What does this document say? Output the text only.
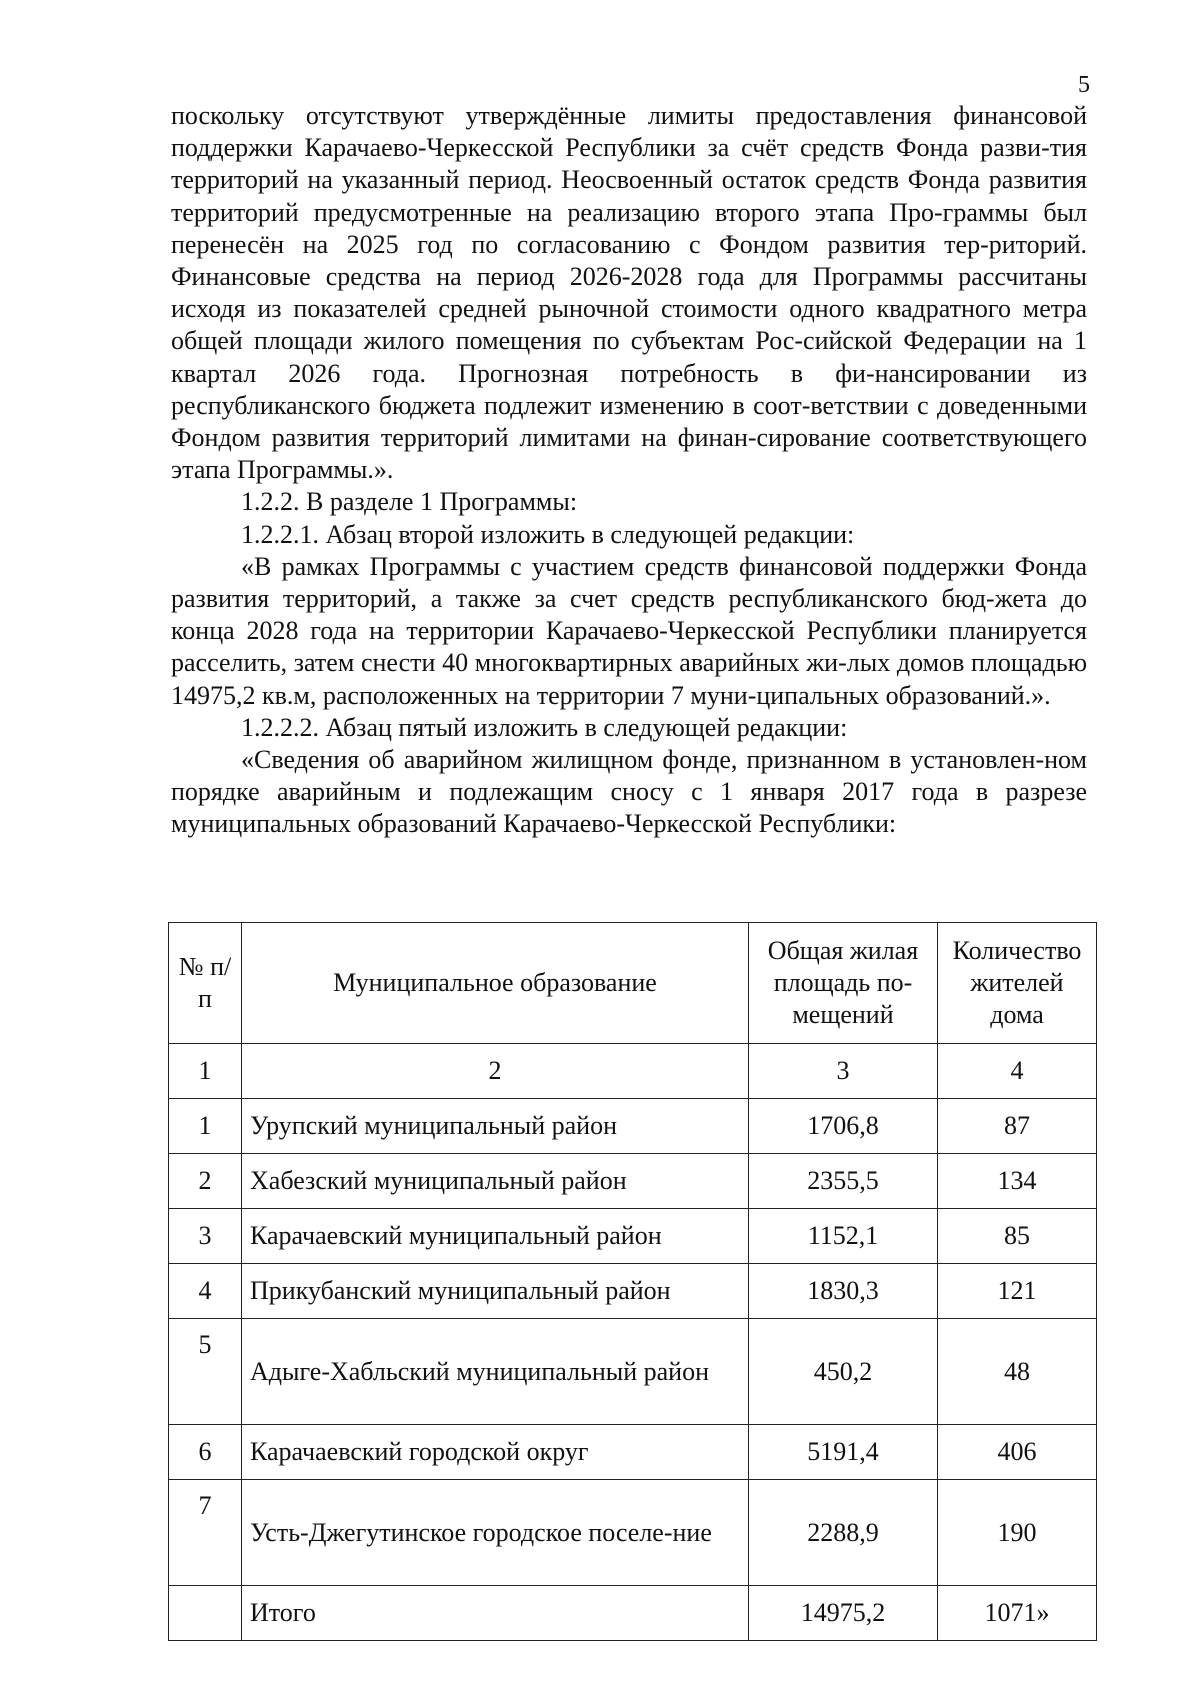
5

поскольку отсутствуют утверждённые лимиты предоставления финансовой поддержки Карачаево-Черкесской Республики за счёт средств Фонда разви-тия территорий на указанный период. Неосвоенный остаток средств Фонда развития территорий предусмотренные на реализацию второго этапа Про-граммы был перенесён на 2025 год по согласованию с Фондом развития тер-риторий. Финансовые средства на период 2026-2028 года для Программы рассчитаны исходя из показателей средней рыночной стоимости одного квадратного метра общей площади жилого помещения по субъектам Рос-сийской Федерации на 1 квартал 2026 года. Прогнозная потребность в фи-нансировании из республиканского бюджета подлежит изменению в соот-ветствии с доведенными Фондом развития территорий лимитами на финан-сирование соответствующего этапа Программы.».

1.2.2. В разделе 1 Программы:

1.2.2.1. Абзац второй изложить в следующей редакции:

«В рамках Программы с участием средств финансовой поддержки Фонда развития территорий, а также за счет средств республиканского бюд-жета до конца 2028 года на территории Карачаево-Черкесской Республики планируется расселить, затем снести 40 многоквартирных аварийных жи-лых домов площадью 14975,2 кв.м, расположенных на территории 7 муни-ципальных образований.».

1.2.2.2. Абзац пятый изложить в следующей редакции:

«Сведения об аварийном жилищном фонде, признанном в установлен-ном порядке аварийным и подлежащим сносу с 1 января 2017 года в разрезе муниципальных образований Карачаево-Черкесской Республики:

№ п/п	Муниципальное образование	Общая жилая площадь по-мещений	Количество жителей дома
1	2	3	4
1	Урупский муниципальный район	1706,8	87
2	Хабезский муниципальный район	2355,5	134
3	Карачаевский муниципальный район	1152,1	85
4	Прикубанский муниципальный район	1830,3	121
5	Адыге-Хабльский муниципальный район	450,2	48
6	Карачаевский городской округ	5191,4	406
7	Усть-Джегутинское городское поселе-ние	2288,9	190
	Итого	14975,2	1071»
